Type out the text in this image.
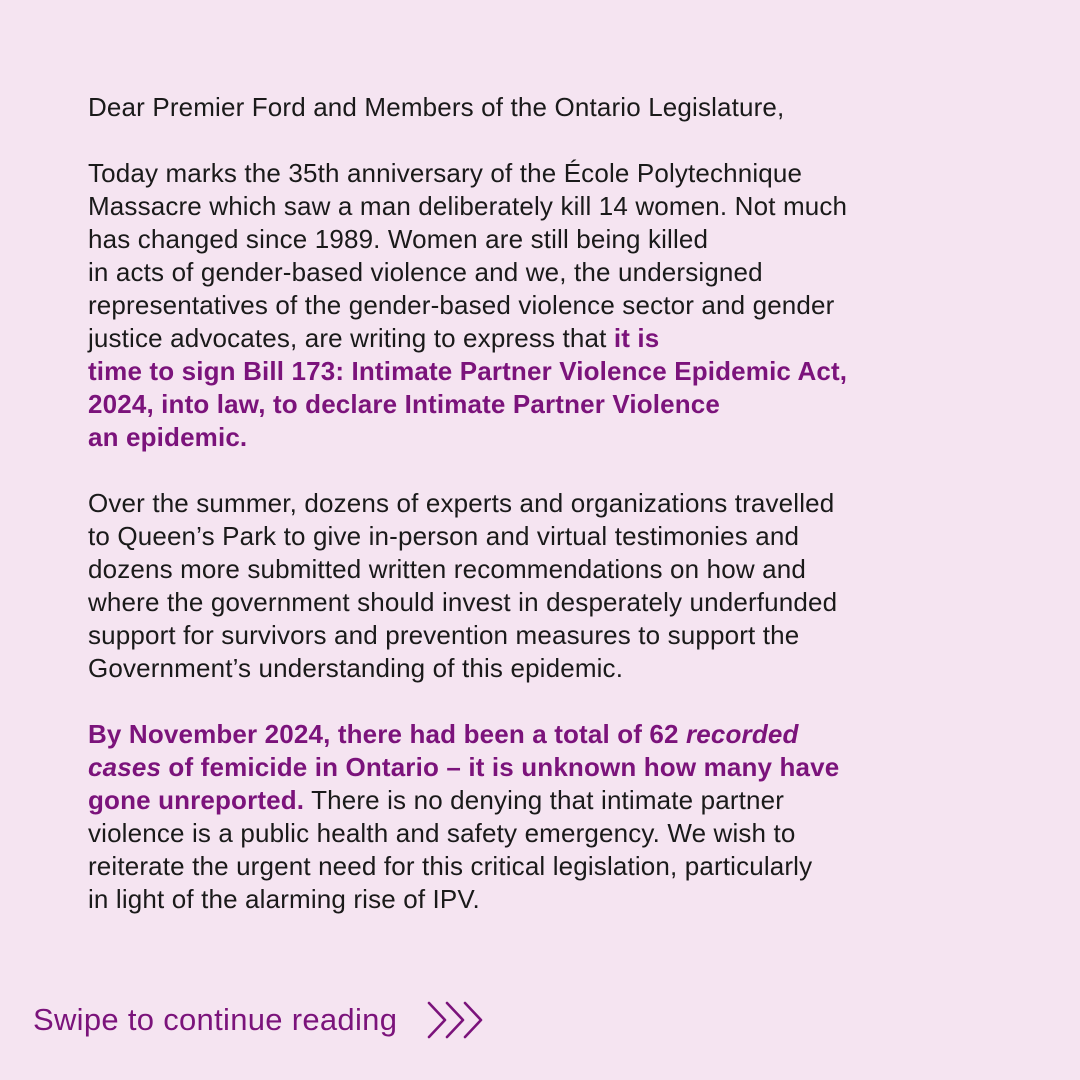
Dear Premier Ford and Members of the Ontario Legislature,

Today marks the 35th anniversary of the École Polytechnique
Massacre which saw a man deliberately kill 14 women. Not much
has changed since 1989. Women are still being killed
in acts of gender-based violence and we, the undersigned
representatives of the gender-based violence sector and gender
justice advocates, are writing to express that it is
time to sign Bill 173: Intimate Partner Violence Epidemic Act,
2024, into law, to declare Intimate Partner Violence
an epidemic.

Over the summer, dozens of experts and organizations travelled
to Queen’s Park to give in-person and virtual testimonies and
dozens more submitted written recommendations on how and
where the government should invest in desperately underfunded
support for survivors and prevention measures to support the
Government’s understanding of this epidemic.

By November 2024, there had been a total of 62 recorded
cases of femicide in Ontario – it is unknown how many have
gone unreported. There is no denying that intimate partner
violence is a public health and safety emergency. We wish to
reiterate the urgent need for this critical legislation, particularly
in light of the alarming rise of IPV.

Swipe to continue reading
